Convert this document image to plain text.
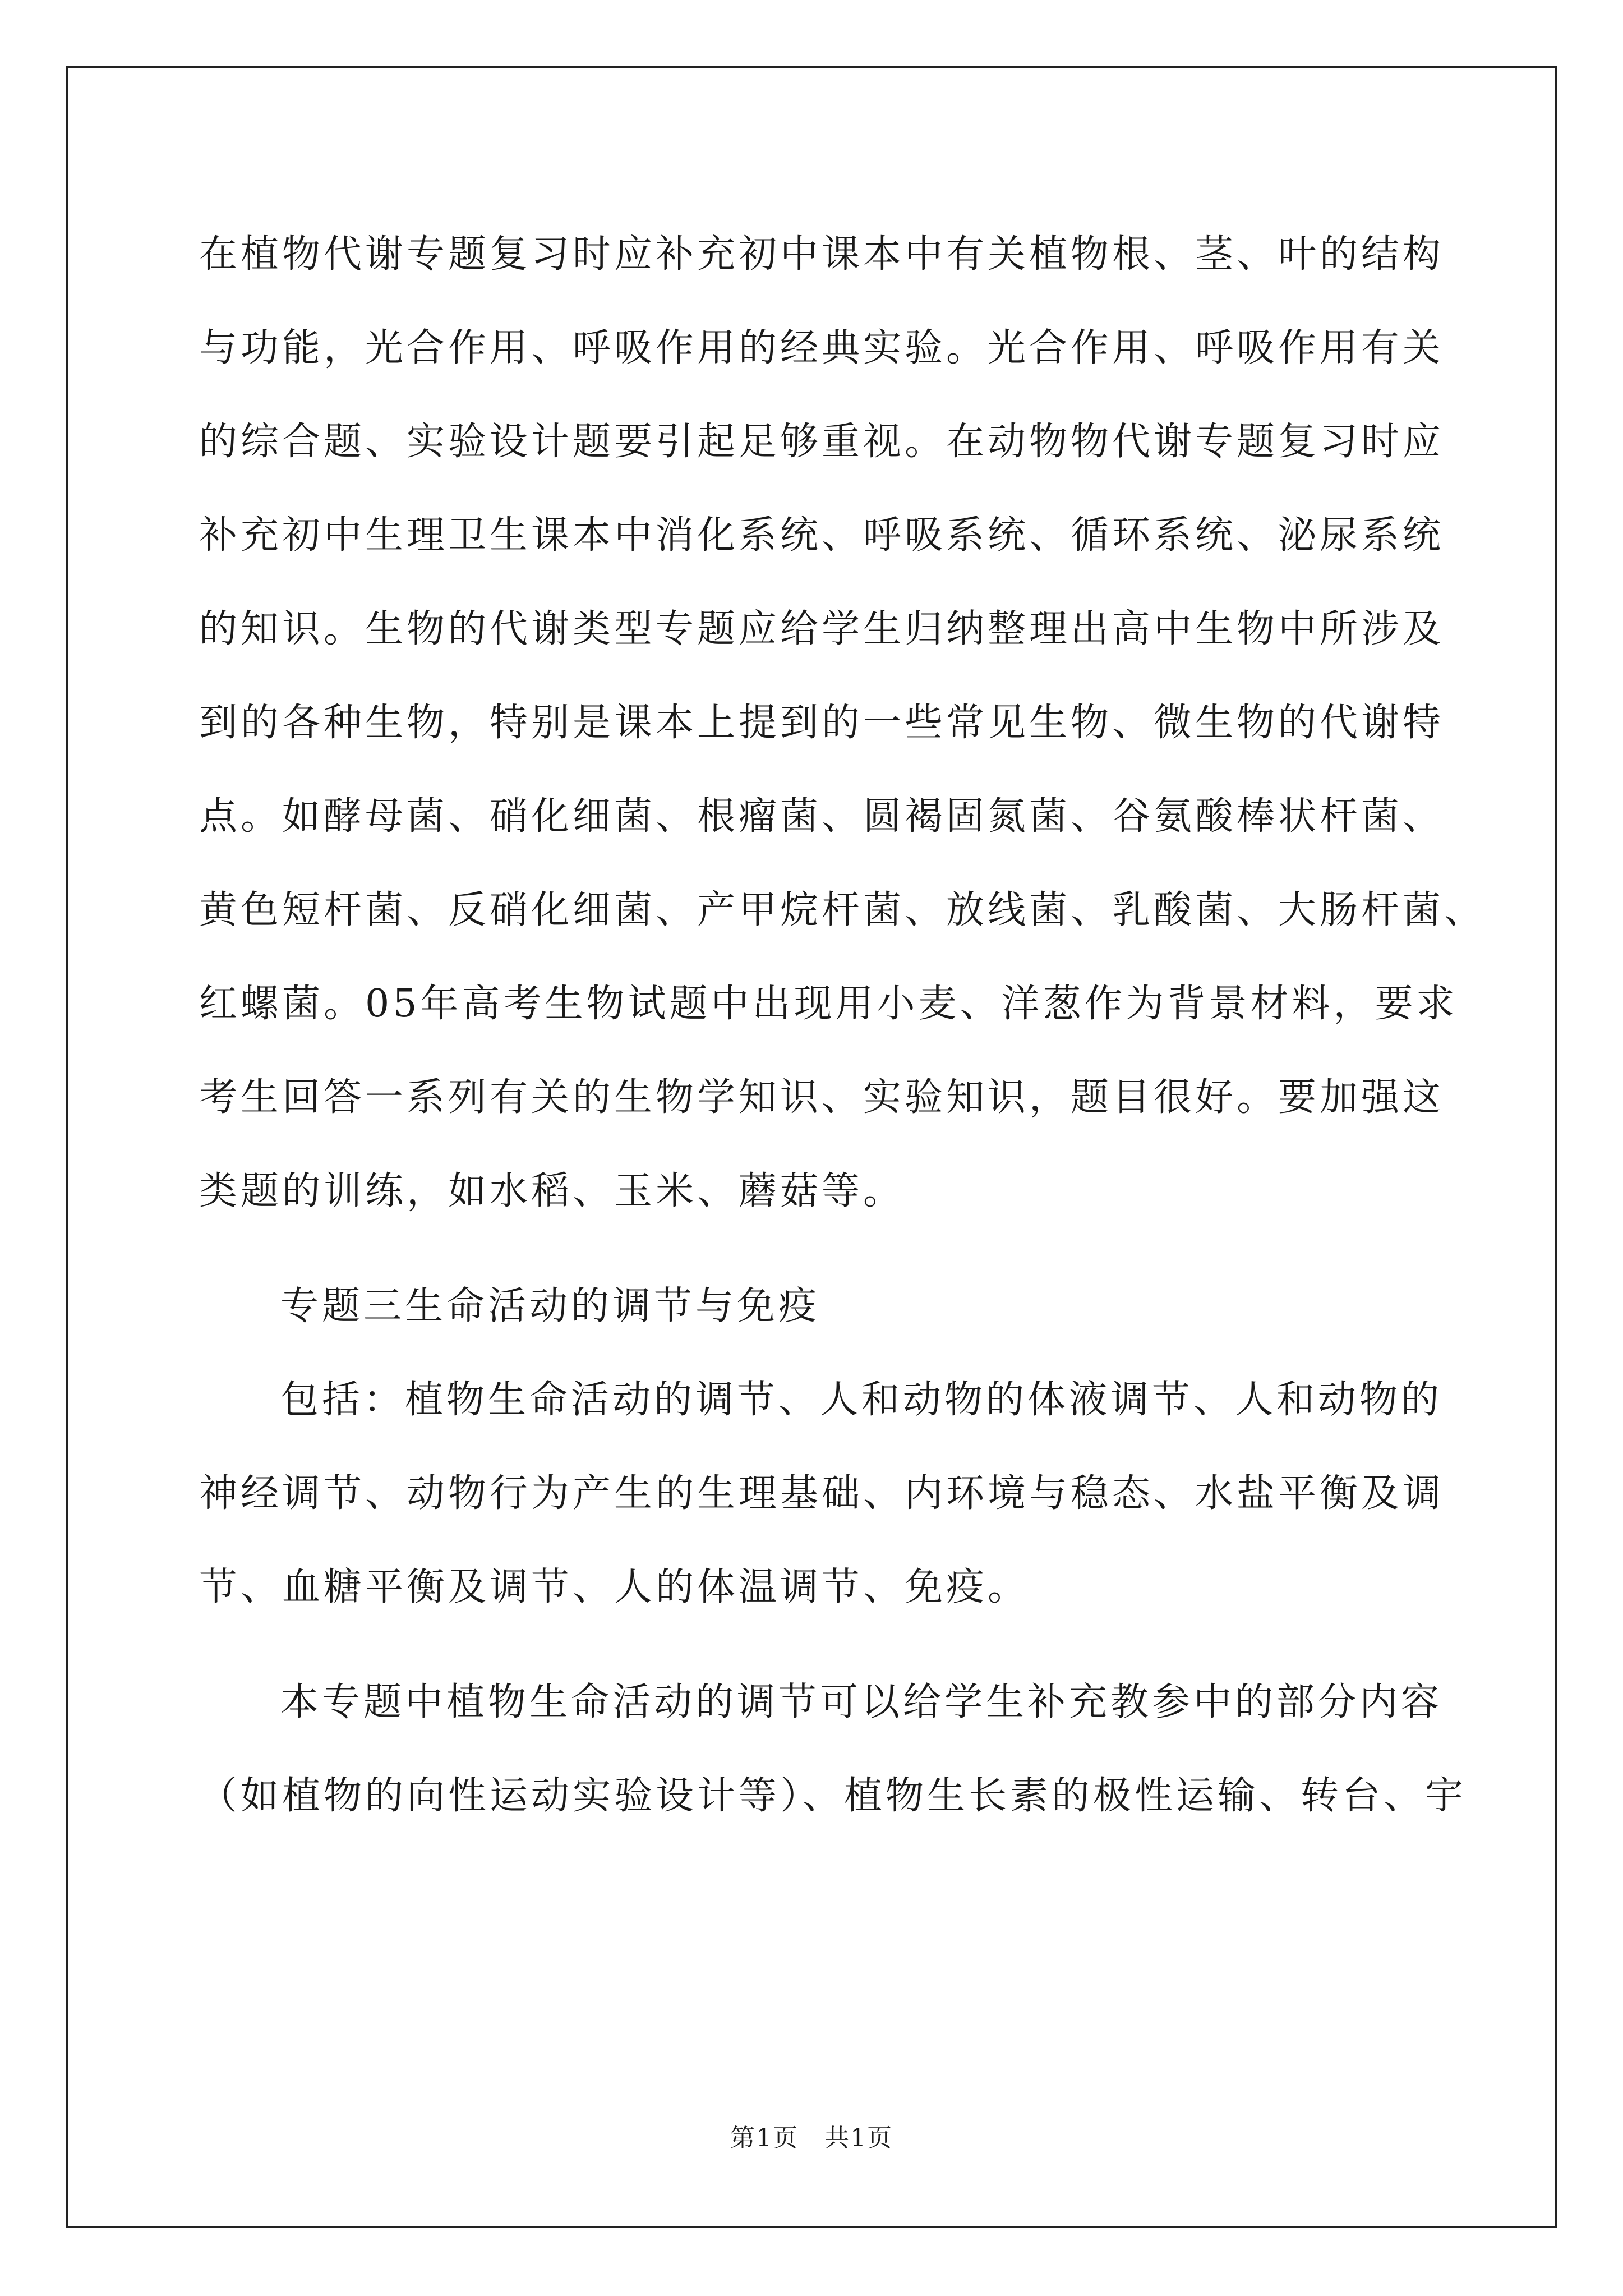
在植物代谢专题复习时应补充初中课本中有关植物根、茎、叶的结构
与功能，光合作用、呼吸作用的经典实验。光合作用、呼吸作用有关
的综合题、实验设计题要引起足够重视。在动物物代谢专题复习时应
补充初中生理卫生课本中消化系统、呼吸系统、循环系统、泌尿系统
的知识。生物的代谢类型专题应给学生归纳整理出高中生物中所涉及
到的各种生物，特别是课本上提到的一些常见生物、微生物的代谢特
点。如酵母菌、硝化细菌、根瘤菌、圆褐固氮菌、谷氨酸棒状杆菌、
黄色短杆菌、反硝化细菌、产甲烷杆菌、放线菌、乳酸菌、大肠杆菌、
红螺菌。05年高考生物试题中出现用小麦、洋葱作为背景材料，要求
考生回答一系列有关的生物学知识、实验知识，题目很好。要加强这
类题的训练，如水稻、玉米、蘑菇等。
专题三生命活动的调节与免疫
包括：植物生命活动的调节、人和动物的体液调节、人和动物的
神经调节、动物行为产生的生理基础、内环境与稳态、水盐平衡及调
节、血糖平衡及调节、人的体温调节、免疫。
本专题中植物生命活动的调节可以给学生补充教参中的部分内容
（如植物的向性运动实验设计等）、植物生长素的极性运输、转台、宇
第1页　共1页
